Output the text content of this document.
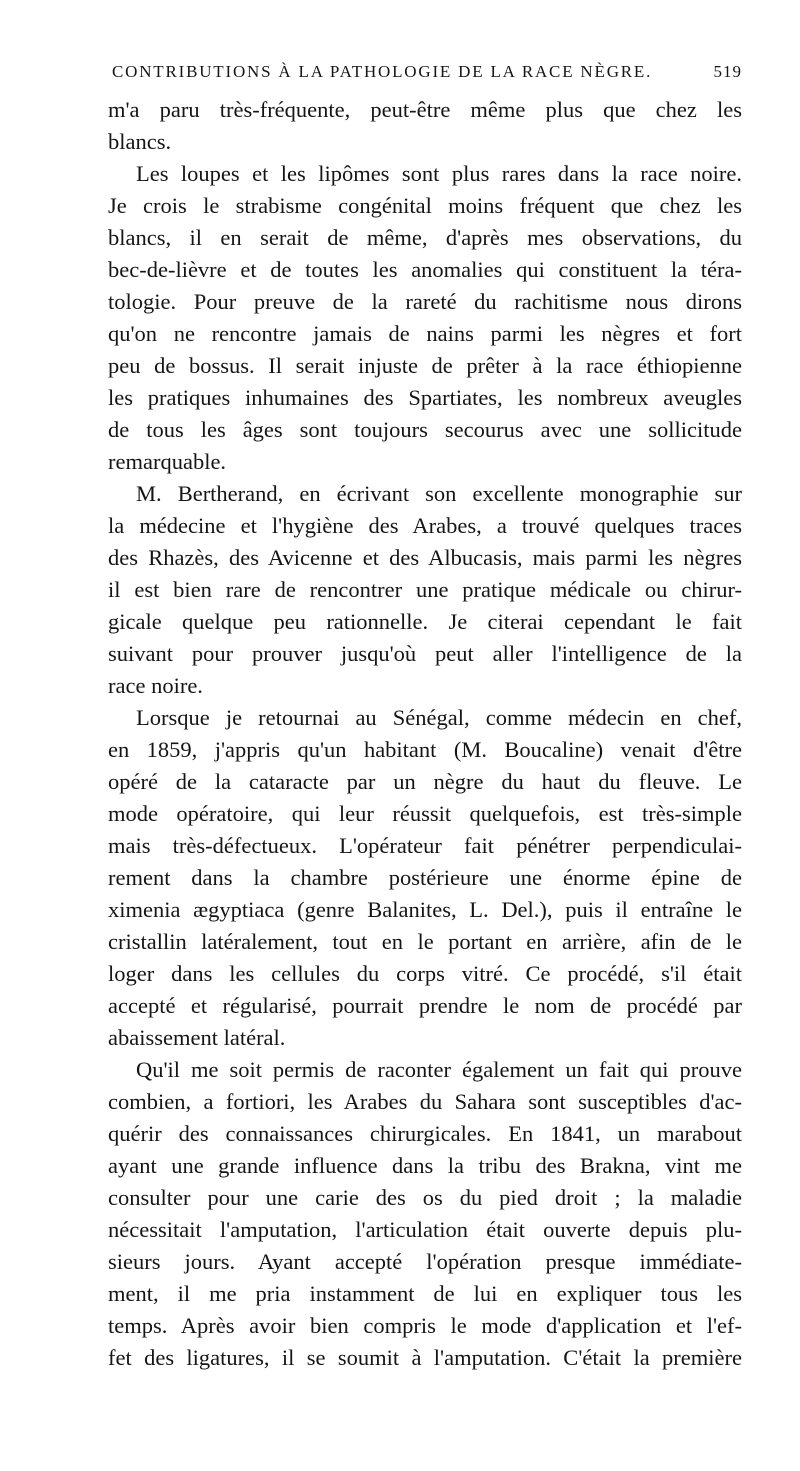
CONTRIBUTIONS À LA PATHOLOGIE DE LA RACE NÈGRE.	519
m'a paru très-fréquente, peut-être même plus que chez les
blancs.
Les loupes et les lipômes sont plus rares dans la race noire.
Je crois le strabisme congénital moins fréquent que chez les
blancs, il en serait de même, d'après mes observations, du
bec-de-lièvre et de toutes les anomalies qui constituent la téra-
tologie. Pour preuve de la rareté du rachitisme nous dirons
qu'on ne rencontre jamais de nains parmi les nègres et fort
peu de bossus. Il serait injuste de prêter à la race éthiopienne
les pratiques inhumaines des Spartiates, les nombreux aveugles
de tous les âges sont toujours secourus avec une sollicitude
remarquable.
M. Bertherand, en écrivant son excellente monographie sur
la médecine et l'hygiène des Arabes, a trouvé quelques traces
des Rhazès, des Avicenne et des Albucasis, mais parmi les nègres
il est bien rare de rencontrer une pratique médicale ou chirur-
gicale quelque peu rationnelle. Je citerai cependant le fait
suivant pour prouver jusqu'où peut aller l'intelligence de la
race noire.
Lorsque je retournai au Sénégal, comme médecin en chef,
en 1859, j'appris qu'un habitant (M. Boucaline) venait d'être
opéré de la cataracte par un nègre du haut du fleuve. Le
mode opératoire, qui leur réussit quelquefois, est très-simple
mais très-défectueux. L'opérateur fait pénétrer perpendiculai-
rement dans la chambre postérieure une énorme épine de
ximenia ægyptiaca (genre Balanites, L. Del.), puis il entraîne le
cristallin latéralement, tout en le portant en arrière, afin de le
loger dans les cellules du corps vitré. Ce procédé, s'il était
accepté et régularisé, pourrait prendre le nom de procédé par
abaissement latéral.
Qu'il me soit permis de raconter également un fait qui prouve
combien, a fortiori, les Arabes du Sahara sont susceptibles d'ac-
quérir des connaissances chirurgicales. En 1841, un marabout
ayant une grande influence dans la tribu des Brakna, vint me
consulter pour une carie des os du pied droit ; la maladie
nécessitait l'amputation, l'articulation était ouverte depuis plu-
sieurs jours. Ayant accepté l'opération presque immédiate-
ment, il me pria instamment de lui en expliquer tous les
temps. Après avoir bien compris le mode d'application et l'ef-
fet des ligatures, il se soumit à l'amputation. C'était la première
